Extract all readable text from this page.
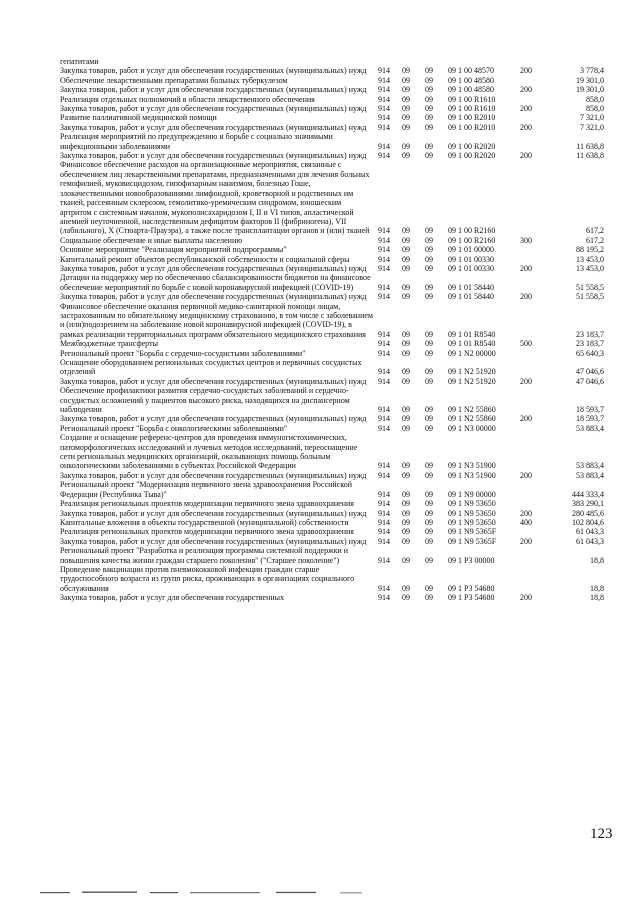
гепатитами						
Закупка товаров, работ и услуг для обеспечения государственных (муниципальных) нужд	914	09	09	09 1 00 48570	200	3 778,4
Обеспечение лекарственными препаратами больных туберкулезом	914	09	09	09 1 00 48580		19 301,0
Закупка товаров, работ и услуг для обеспечения государственных (муниципальных) нужд	914	09	09	09 1 00 48580	200	19 301,0
Реализация отдельных полномочий в области лекарственного обеспечения	914	09	09	09 1 00 R1610		858,0
Закупка товаров, работ и услуг для обеспечения государственных (муниципальных) нужд	914	09	09	09 1 00 R1610	200	858,0
Развитие паллиативной медицинской помощи	914	09	09	09 1 00 R2010		7 321,0
Закупка товаров, работ и услуг для обеспечения государственных (муниципальных) нужд	914	09	09	09 1 00 R2010	200	7 321,0
Реализация мероприятий по предупреждению и борьбе с социально значимыми инфекционными заболеваниями	914	09	09	09 1 00 R2020		11 638,8
Закупка товаров, работ и услуг для обеспечения государственных (муниципальных) нужд	914	09	09	09 1 00 R2020	200	11 638,8
Финансовое обеспечение расходов на организационные мероприятия, связанные с обеспечением лиц лекарственными препаратами, предназначенными для лечения больных гемофилией, муковисцидозом, гипофизарным нанизмом, болезнью Гоше, злокачественными новообразованиями лимфоидной, кроветворной и родственных им тканей, рассеянным склерозом, гемолитико-уремическим синдромом, юношеским артритом с системным началом, мукополисахаридозом I, II и VI типов, апластической анемией неуточненной, наследственным дефицитом факторов II (фибриногена), VII (лабильного), X (Стюарта-Прауэра), а также после трансплантации органов и (или) тканей	914	09	09	09 1 00 R2160		617,2
Социальное обеспечение и иные выплаты населению	914	09	09	09 1 00 R2160	300	617,2
Основное мероприятие "Реализация мероприятий подпрограммы"	914	09	09	09 1 01 00000		88 195,2
Капитальный ремонт объектов республиканской собственности и социальной сферы	914	09	09	09 1 01 00330		13 453,0
Закупка товаров, работ и услуг для обеспечения государственных (муниципальных) нужд	914	09	09	09 1 01 00330	200	13 453,0
Дотации на поддержку мер по обеспечению сбалансированности бюджетов на финансовое обеспечение мероприятий по борьбе с новой коронавирусной инфекцией (COVID-19)	914	09	09	09 1 01 58440		51 558,5
Закупка товаров, работ и услуг для обеспечения государственных (муниципальных) нужд	914	09	09	09 1 01 58440	200	51 558,5
Финансовое обеспечение оказания первичной медико-санитарной помощи лицам, застрахованным по обязательному медицинскому страхованию, в том числе с заболеванием и (или)подозрением на заболевание новой коронавирусной инфекцией (COVID-19), в рамках реализации территориальных программ обязательного медицинского страхования	914	09	09	09 1 01 R8540		23 183,7
Межбюджетные трансферты	914	09	09	09 1 01 R8540	500	23 183,7
Региональный проект "Борьба с сердечно-сосудистыми заболеваниями"	914	09	09	09 1 N2 00000		65 640,3
Оснащение оборудованием региональных сосудистых центров и первичных сосудистых отделений	914	09	09	09 1 N2 51920		47 046,6
Закупка товаров, работ и услуг для обеспечения государственных (муниципальных) нужд	914	09	09	09 1 N2 51920	200	47 046,6
Обеспечение профилактики развития сердечно-сосудистых заболеваний и сердечно-сосудистых осложнений у пациентов высокого риска, находящихся на диспансерном наблюдении	914	09	09	09 1 N2 55860		18 593,7
Закупка товаров, работ и услуг для обеспечения государственных (муниципальных) нужд	914	09	09	09 1 N2 55860	200	18 593,7
Региональный проект "Борьба с онкологическими заболеваниями"	914	09	09	09 1 N3 00000		53 883,4
Создание и оснащение референс-центров для проведения иммуногистохимических, патоморфологических исследований и лучевых методов исследований, переоснащение сети региональных медицинских организаций, оказывающих помощь больным онкологическими заболеваниями в субъектах Российской Федерации	914	09	09	09 1 N3 51900		53 883,4
Закупка товаров, работ и услуг для обеспечения государственных (муниципальных) нужд	914	09	09	09 1 N3 51900	200	53 883,4
Региональный проект "Модернизация первичного звена здравоохранения Российской Федерации (Республика Тыва)"	914	09	09	09 1 N9 00000		444 333,4
Реализация региональных проектов модернизации первичного звена здравоохранения	914	09	09	09 1 N9 53650		383 290,1
Закупка товаров, работ и услуг для обеспечения государственных (муниципальных) нужд	914	09	09	09 1 N9 53650	200	280 485,6
Капитальные вложения в объекты государственной (муниципальной) собственности	914	09	09	09 1 N9 53650	400	102 804,6
Реализация региональных проектов модернизации первичного звена здравоохранения	914	09	09	09 1 N9 5365F		61 043,3
Закупка товаров, работ и услуг для обеспечения государственных (муниципальных) нужд	914	09	09	09 1 N9 5365F	200	61 043,3
Региональный проект "Разработка и реализация программы системной поддержки и повышения качества жизни граждан старшего поколения" ("Старшее поколение")	914	09	09	09 1 P3 00000		18,8
Проведение вакцинации против пневмококковой инфекции граждан старше трудоспособного возраста из групп риска, проживающих в организациях социального обслуживания	914	09	09	09 1 P3 54680		18,8
Закупка товаров, работ и услуг для обеспечения государственных	914	09	09	09 1 P3 54680	200	18,8
123
